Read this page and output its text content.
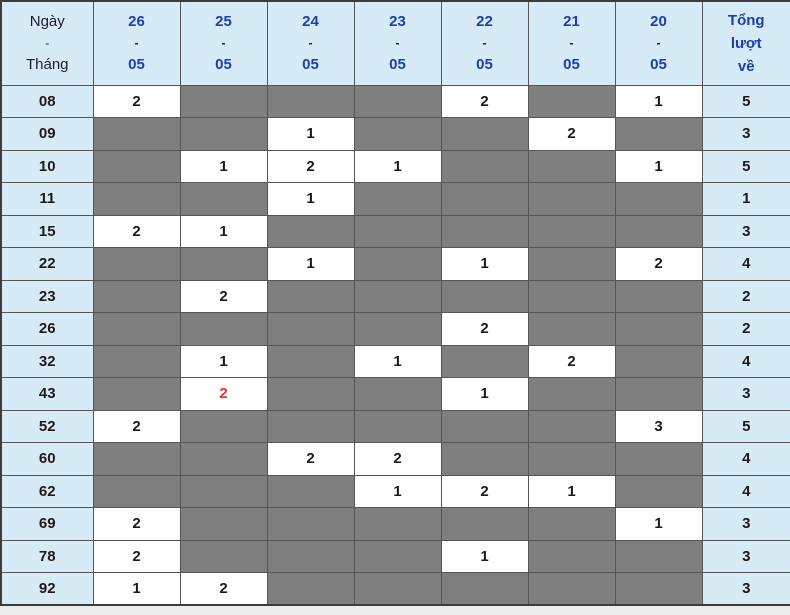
Ngày
-
Tháng

26
-
05

25
-
05

24
-
05

23
-
05

22
-
05

21
-
05

20
-
05

Tổng
lượt
về

08	2				2		1	5
09			1			2		3
10		1	2	1			1	5
11			1					1
15	2	1						3
22			1		1		2	4
23		2						2
26					2			2
32		1		1		2		4
43		2			1			3
52	2						3	5
60			2	2				4
62				1	2	1		4
69	2						1	3
78	2				1			3
92	1	2						3
